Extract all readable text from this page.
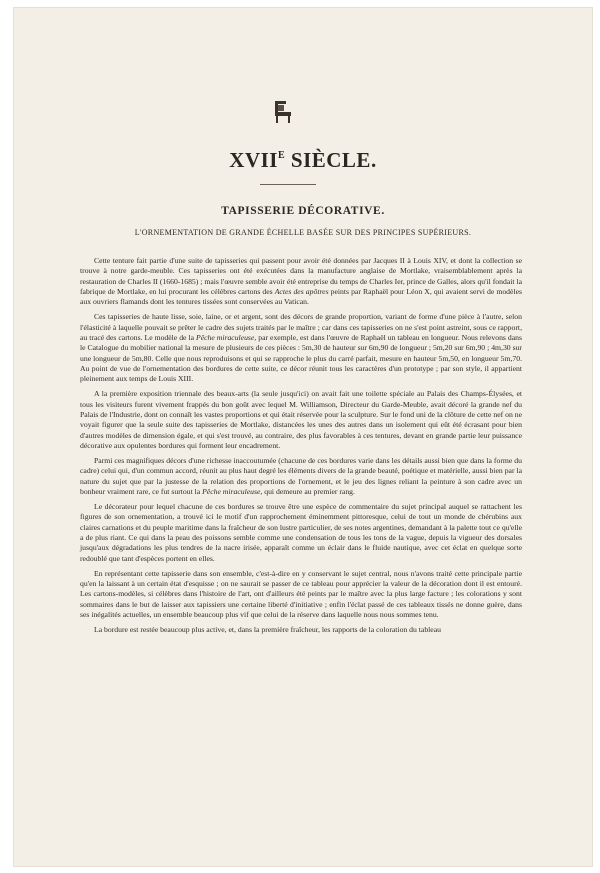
$XVII^E$ SIÈCLE.
TAPISSERIE DÉCORATIVE.
L'ORNEMENTATION DE GRANDE ÉCHELLE BASÉE SUR DES PRINCIPES SUPÉRIEURS.

Cette tenture fait partie d'une suite de tapisseries qui passent pour avoir été données par Jacques II à Louis XIV, et dont la collection se trouve à notre garde-meuble. Ces tapisseries ont été exécutées dans la manufacture anglaise de Mortlake, vraisemblablement après la restauration de Charles II (1660-1685) ; mais l'œuvre semble avoir été entreprise du temps de Charles Ier, prince de Galles, alors qu'il fondait la fabrique de Mortlake, en lui procurant les célèbres cartons des Actes des apôtres peints par Raphaël pour Léon X, qui avaient servi de modèles aux ouvriers flamands dont les tentures tissées sont conservées au Vatican.

Ces tapisseries de haute lisse, soie, laine, or et argent, sont des décors de grande proportion, variant de forme d'une pièce à l'autre, selon l'élasticité à laquelle pouvait se prêter le cadre des sujets traités par le maître ; car dans ces tapisseries on ne s'est point astreint, sous ce rapport, au tracé des cartons. Le modèle de la Pêche miraculeuse, par exemple, est dans l'œuvre de Raphaël un tableau en longueur. Nous relevons dans le Catalogue du mobilier national la mesure de plusieurs de ces pièces : 5m,30 de hauteur sur 6m,90 de longueur ; 5m,20 sur 6m,90 ; 4m,30 sur une longueur de 5m,80. Celle que nous reproduisons et qui se rapproche le plus du carré parfait, mesure en hauteur 5m,50, en longueur 5m,70. Au point de vue de l'ornementation des bordures de cette suite, ce décor réunit tous les caractères d'un prototype ; par son style, il appartient pleinement aux temps de Louis XIII.

A la première exposition triennale des beaux-arts (la seule jusqu'ici) on avait fait une toilette spéciale au Palais des Champs-Élysées, et tous les visiteurs furent vivement frappés du bon goût avec lequel M. Williamson, Directeur du Garde-Meuble, avait décoré la grande nef du Palais de l'Industrie, dont on connaît les vastes proportions et qui était réservée pour la sculpture. Sur le fond uni de la clôture de cette nef on ne voyait figurer que la seule suite des tapisseries de Mortlake, distancées les unes des autres dans un isolement qui eût été écrasant pour bien d'autres modèles de dimension égale, et qui s'est trouvé, au contraire, des plus favorables à ces tentures, devant en grande partie leur puissance décorative aux opulentes bordures qui forment leur encadrement.

Parmi ces magnifiques décors d'une richesse inaccoutumée (chacune de ces bordures varie dans les détails aussi bien que dans la forme du cadre) celui qui, d'un commun accord, réunit au plus haut degré les éléments divers de la grande beauté, poétique et matérielle, aussi bien par la nature du sujet que par la justesse de la relation des proportions de l'ornement, et le jeu des lignes reliant la peinture à son cadre avec un bonheur vraiment rare, ce fut surtout la Pêche miraculeuse, qui demeure au premier rang.

Le décorateur pour lequel chacune de ces bordures se trouve être une espèce de commentaire du sujet principal auquel se rattachent les figures de son ornementation, a trouvé ici le motif d'un rapprochement éminemment pittoresque, celui de tout un monde de chérubins aux claires carnations et du peuple maritime dans la fraîcheur de son lustre particulier, de ses notes argentines, demandant à la palette tout ce qu'elle a de plus riant. Ce qui dans la peau des poissons semble comme une condensation de tous les tons de la vague, depuis la vigueur des dorsales jusqu'aux dégradations les plus tendres de la nacre irisée, apparaît comme un éclair dans le fluide nautique, avec cet éclat en quelque sorte redoublé que tant d'espèces portent en elles.

En représentant cette tapisserie dans son ensemble, c'est-à-dire en y conservant le sujet central, nous n'avons traité cette principale partie qu'en la laissant à un certain état d'esquisse ; on ne saurait se passer de ce tableau pour apprécier la valeur de la décoration dont il est entouré. Les cartons-modèles, si célèbres dans l'histoire de l'art, ont d'ailleurs été peints par le maître avec la plus large facture ; les colorations y sont sommaires dans le but de laisser aux tapissiers une certaine liberté d'initiative ; enfin l'éclat passé de ces tableaux tissés ne donne guère, dans ses inégalités actuelles, un ensemble beaucoup plus vif que celui de la réserve dans laquelle nous nous sommes tenu.

La bordure est restée beaucoup plus active, et, dans la première fraîcheur, les rapports de la coloration du tableau
